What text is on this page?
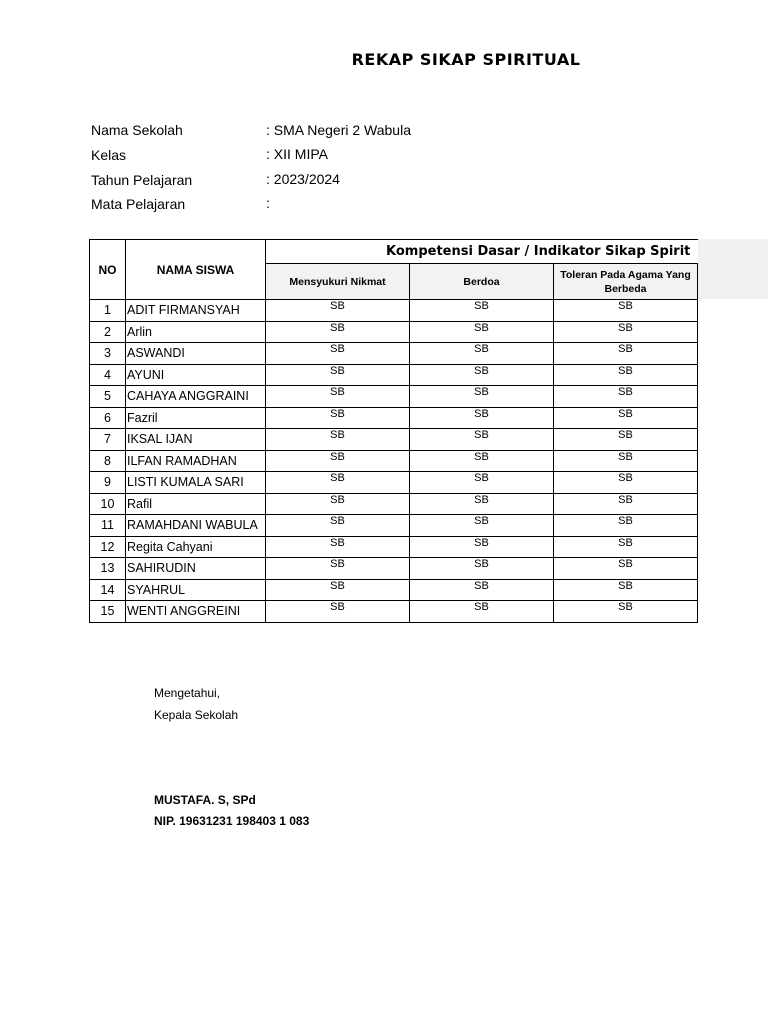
REKAP SIKAP SPIRITUAL
Nama Sekolah	: SMA Negeri 2 Wabula
Kelas	: XII MIPA
Tahun Pelajaran	: 2023/2024
Mata Pelajaran	:
NO	NAMA SISWA	Kompetensi Dasar / Indikator Sikap Spirit		
		Mensyukuri Nikmat	Berdoa	Toleran Pada Agama Yang Berbeda
1	ADIT FIRMANSYAH	SB	SB	SB
2	Arlin	SB	SB	SB
3	ASWANDI	SB	SB	SB
4	AYUNI	SB	SB	SB
5	CAHAYA ANGGRAINI	SB	SB	SB
6	Fazril	SB	SB	SB
7	IKSAL IJAN	SB	SB	SB
8	ILFAN RAMADHAN	SB	SB	SB
9	LISTI KUMALA SARI	SB	SB	SB
10	Rafil	SB	SB	SB
11	RAMAHDANI WABULA	SB	SB	SB
12	Regita Cahyani	SB	SB	SB
13	SAHIRUDIN	SB	SB	SB
14	SYAHRUL	SB	SB	SB
15	WENTI ANGGREINI	SB	SB	SB
Mengetahui,
Kepala Sekolah
MUSTAFA. S, SPd
NIP. 19631231 198403 1 083
